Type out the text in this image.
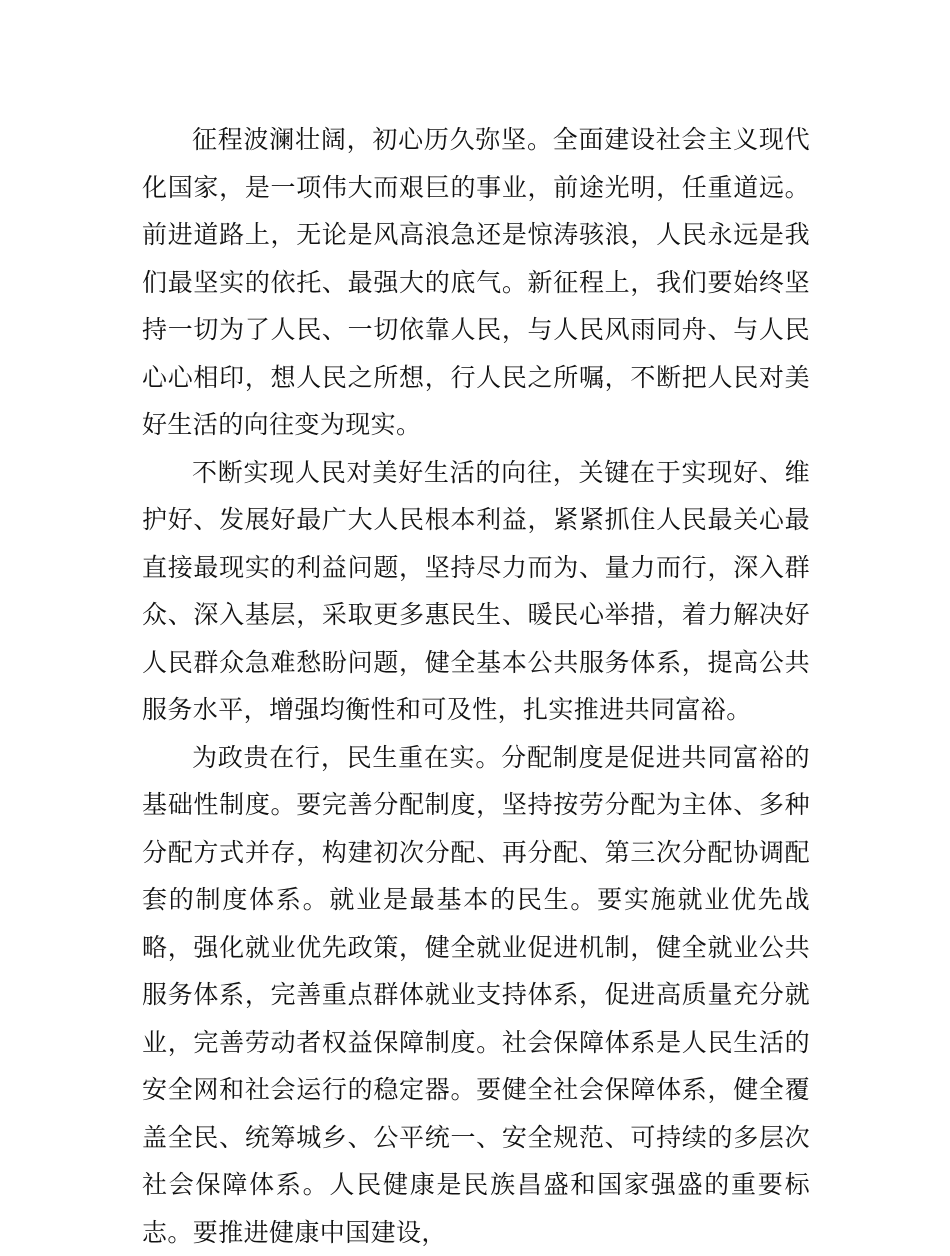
征程波澜壮阔，初心历久弥坚。全面建设社会主义现代化国家，是一项伟大而艰巨的事业，前途光明，任重道远。前进道路上，无论是风高浪急还是惊涛骇浪，人民永远是我们最坚实的依托、最强大的底气。新征程上，我们要始终坚持一切为了人民、一切依靠人民，与人民风雨同舟、与人民心心相印，想人民之所想，行人民之所嘱，不断把人民对美好生活的向往变为现实。

不断实现人民对美好生活的向往，关键在于实现好、维护好、发展好最广大人民根本利益，紧紧抓住人民最关心最直接最现实的利益问题，坚持尽力而为、量力而行，深入群众、深入基层，采取更多惠民生、暖民心举措，着力解决好人民群众急难愁盼问题，健全基本公共服务体系，提高公共服务水平，增强均衡性和可及性，扎实推进共同富裕。

为政贵在行，民生重在实。分配制度是促进共同富裕的基础性制度。要完善分配制度，坚持按劳分配为主体、多种分配方式并存，构建初次分配、再分配、第三次分配协调配套的制度体系。就业是最基本的民生。要实施就业优先战略，强化就业优先政策，健全就业促进机制，健全就业公共服务体系，完善重点群体就业支持体系，促进高质量充分就业，完善劳动者权益保障制度。社会保障体系是人民生活的安全网和社会运行的稳定器。要健全社会保障体系，健全覆盖全民、统筹城乡、公平统一、安全规范、可持续的多层次社会保障体系。人民健康是民族昌盛和国家强盛的重要标志。要推进健康中国建设，
